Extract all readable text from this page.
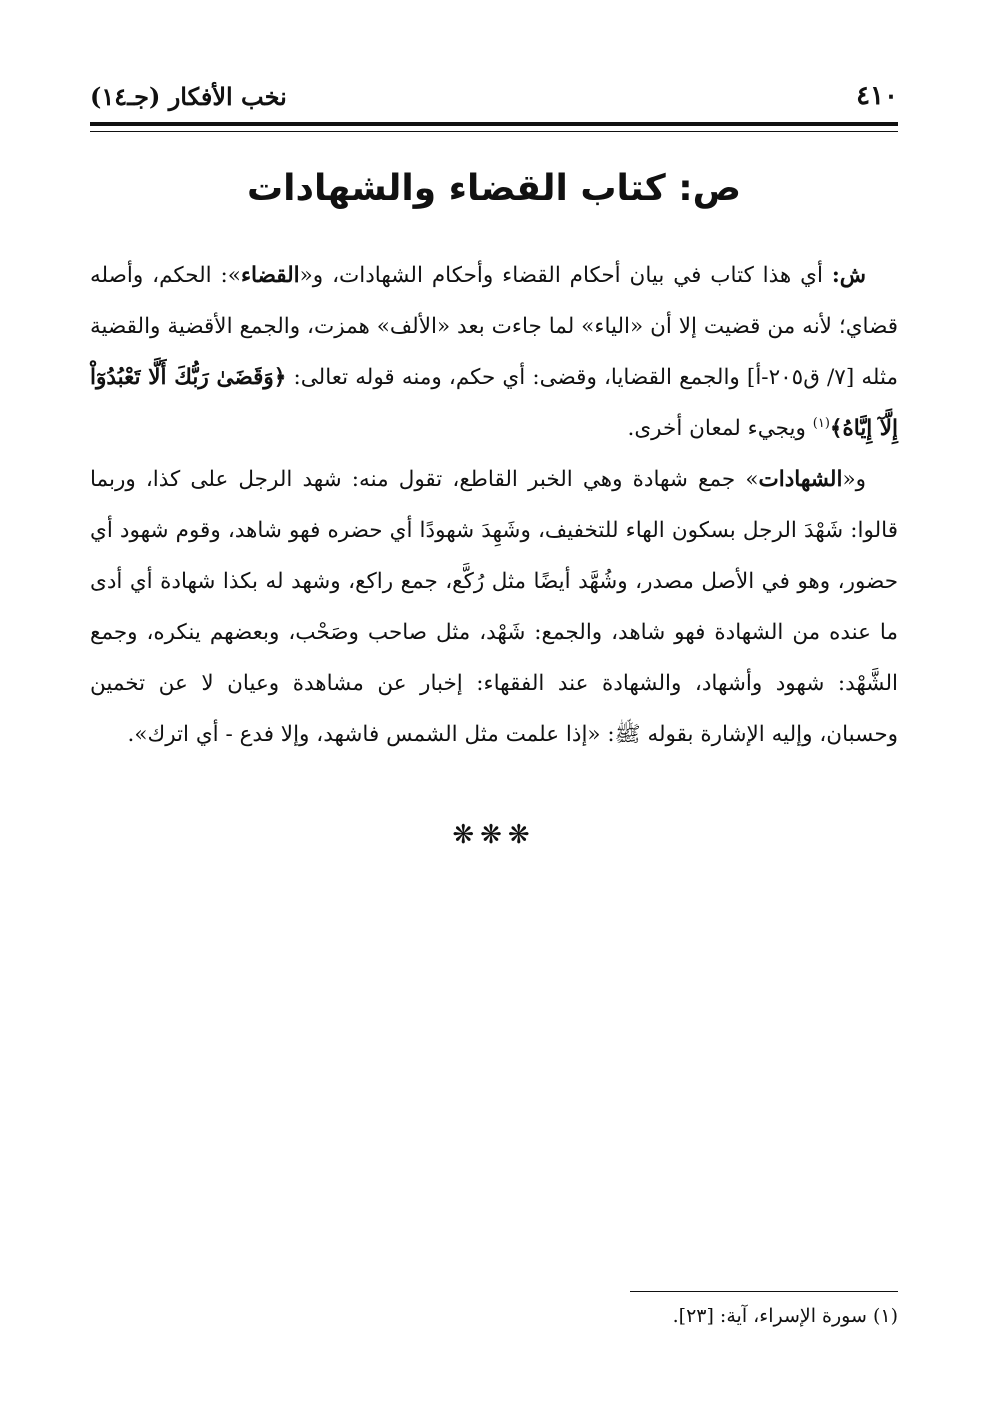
٤١٠
نخب الأفكار (جـ١٤)
ص: كتاب القضاء والشهادات

ش: أي هذا كتاب في بيان أحكام القضاء وأحكام الشهادات، و«القضاء»: الحكم، وأصله قضاي؛ لأنه من قضيت إلا أن «الياء» لما جاءت بعد «الألف» همزت، والجمع الأقضية والقضية مثله [٧/ ق٢٠٥-أ] والجمع القضايا، وقضى: أي حكم، ومنه قوله تعالى: ﴿وَقَضَىٰ رَبُّكَ أَلَّا تَعْبُدُوٓاْ إِلَّآ إِيَّاهُ﴾$^{(١)}$ ويجيء لمعان أخرى.

و«الشهادات» جمع شهادة وهي الخبر القاطع، تقول منه: شهد الرجل على كذا، وربما قالوا: شَهْدَ الرجل بسكون الهاء للتخفيف، وشَهِدَ شهودًا أي حضره فهو شاهد، وقوم شهود أي حضور، وهو في الأصل مصدر، وشُهَّد أيضًا مثل رُكَّع، جمع راكع، وشهد له بكذا شهادة أي أدى ما عنده من الشهادة فهو شاهد، والجمع: شَهْد، مثل صاحب وصَحْب، وبعضهم ينكره، وجمع الشَّهْد: شهود وأشهاد، والشهادة عند الفقهاء: إخبار عن مشاهدة وعيان لا عن تخمين وحسبان، وإليه الإشارة بقوله ﷺ: «إذا علمت مثل الشمس فاشهد، وإلا فدع - أي اترك».

❋❋❋
(١) سورة الإسراء، آية: [٢٣].
